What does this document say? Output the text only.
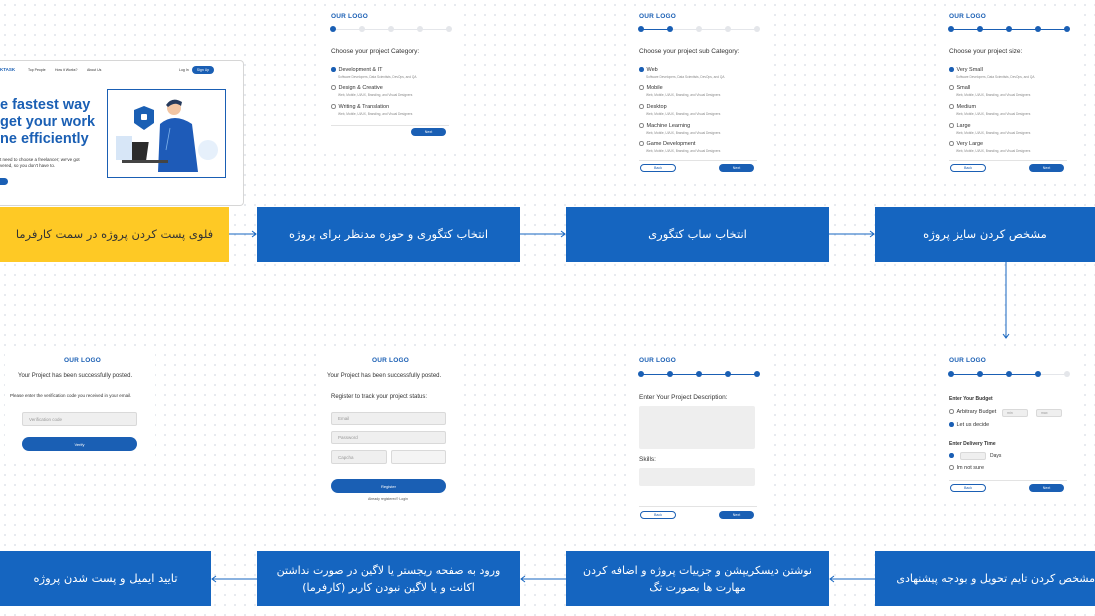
KTASK	Top People	How it Works?	About Us	Log In	Sign Up
e fastest way
get your work
ne efficiently
t need to choose a freelancer; we've got
vered, so you don't have to.
OUR LOGO
Choose your project Category:
Development & IT
Software Developers, Data Scientists, DevOps, and QA
Design & Creative
Web, Mobile, UI/UX, Branding, and Visual Designers
Writing & Translation
Web, Mobile, UI/UX, Branding, and Visual Designers
Next
OUR LOGO
Choose your project sub Category:
Web
Software Developers, Data Scientists, DevOps, and QA
Mobile
Web, Mobile, UI/UX, Branding, and Visual Designers
Desktop
Web, Mobile, UI/UX, Branding, and Visual Designers
Machine Learning
Web, Mobile, UI/UX, Branding, and Visual Designers
Game Development
Web, Mobile, UI/UX, Branding, and Visual Designers
Back	Next
OUR LOGO
Choose your project size:
Very Small
Software Developers, Data Scientists, DevOps, and QA
Small
Web, Mobile, UI/UX, Branding, and Visual Designers
Medium
Web, Mobile, UI/UX, Branding, and Visual Designers
Large
Web, Mobile, UI/UX, Branding, and Visual Designers
Very Large
Web, Mobile, UI/UX, Branding, and Visual Designers
Back	Next
فلوی پست کردن پروژه در سمت کارفرما	انتخاب کتگوری و حوزه مدنظر برای پروژه	انتخاب ساب کتگوری	مشخص کردن سایز پروژه
OUR LOGO
Enter Your Budget
Arbitrary Budget	min	max
Let us decide
Enter Delivery Time
Days
Im not sure
Back	Next
OUR LOGO
Enter Your Project Description:
Skills:
Back	Next
OUR LOGO
Your Project has been successfully posted.
Register to track your project status:
Email
Password
Capcha
Register
Already registered? Login
OUR LOGO
Your Project has been successfully posted.
Please enter the verification code you received in your email.
Verification code
Verify
مشخص کردن تایم تحویل و بودجه پیشنهادی
نوشتن دیسکریپشن و جزییات پروژه و اضافه کردن مهارت ها بصورت تگ
ورود به صفحه ریجستر یا لاگین در صورت نداشتن اکانت و یا لاگین نبودن کاربر (کارفرما)
تایید ایمیل و پست شدن پروژه
